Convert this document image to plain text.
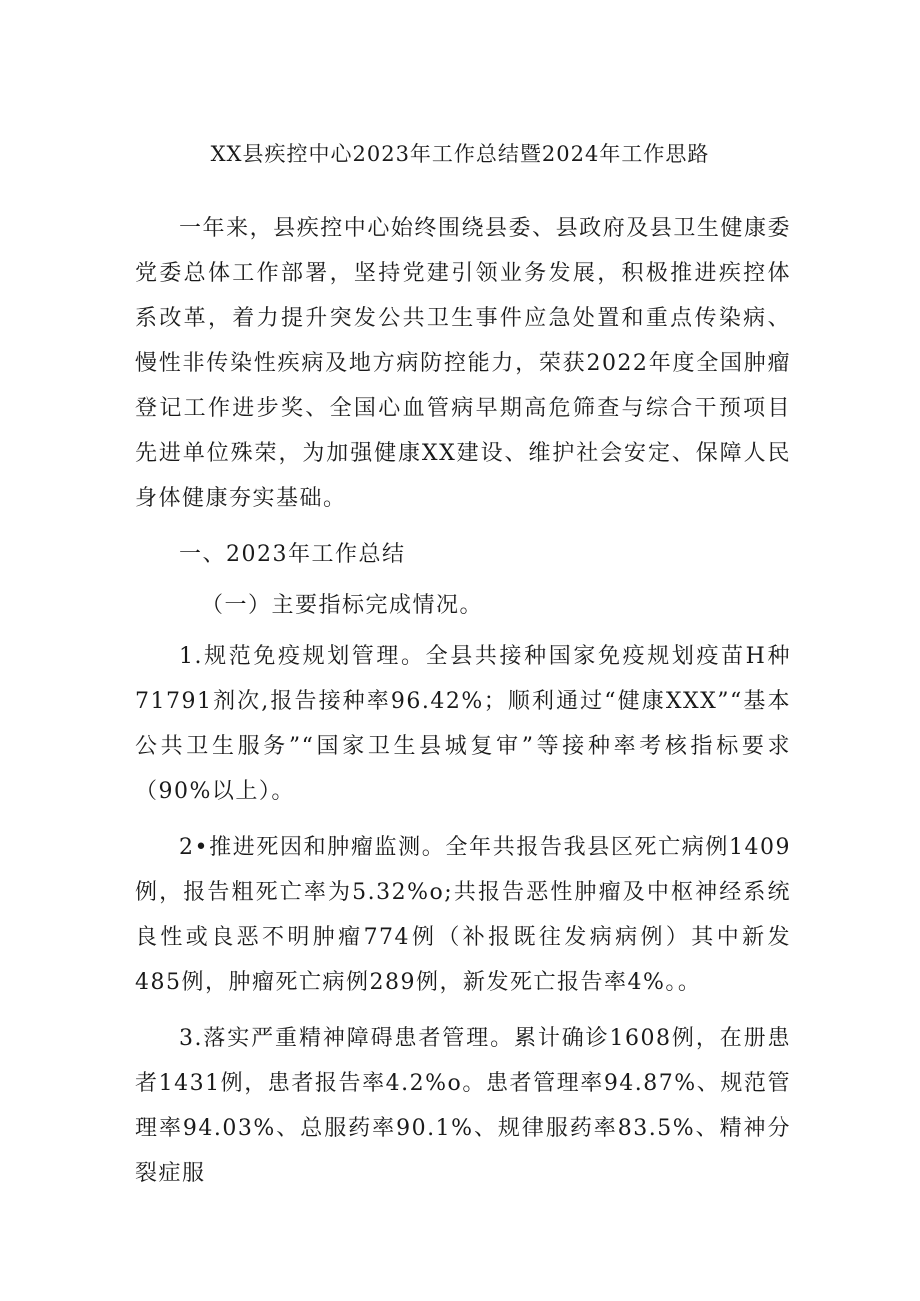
XX县疾控中心2023年工作总结暨2024年工作思路

一年来，县疾控中心始终围绕县委、县政府及县卫生健康委党委总体工作部署，坚持党建引领业务发展，积极推进疾控体系改革，着力提升突发公共卫生事件应急处置和重点传染病、慢性非传染性疾病及地方病防控能力，荣获2022年度全国肿瘤登记工作进步奖、全国心血管病早期高危筛查与综合干预项目先进单位殊荣，为加强健康XX建设、维护社会安定、保障人民身体健康夯实基础。

一、2023年工作总结

（一）主要指标完成情况。

1.规范免疫规划管理。全县共接种国家免疫规划疫苗H种71791剂次,报告接种率96.42%；顺利通过“健康XXX”“基本公共卫生服务”“国家卫生县城复审”等接种率考核指标要求（90%以上）。

2•推进死因和肿瘤监测。全年共报告我县区死亡病例1409例，报告粗死亡率为5.32%o;共报告恶性肿瘤及中枢神经系统良性或良恶不明肿瘤774例（补报既往发病病例）其中新发485例，肿瘤死亡病例289例，新发死亡报告率4%。。

3.落实严重精神障碍患者管理。累计确诊1608例，在册患者1431例，患者报告率4.2%o。患者管理率94.87%、规范管理率94.03%、总服药率90.1%、规律服药率83.5%、精神分裂症服
